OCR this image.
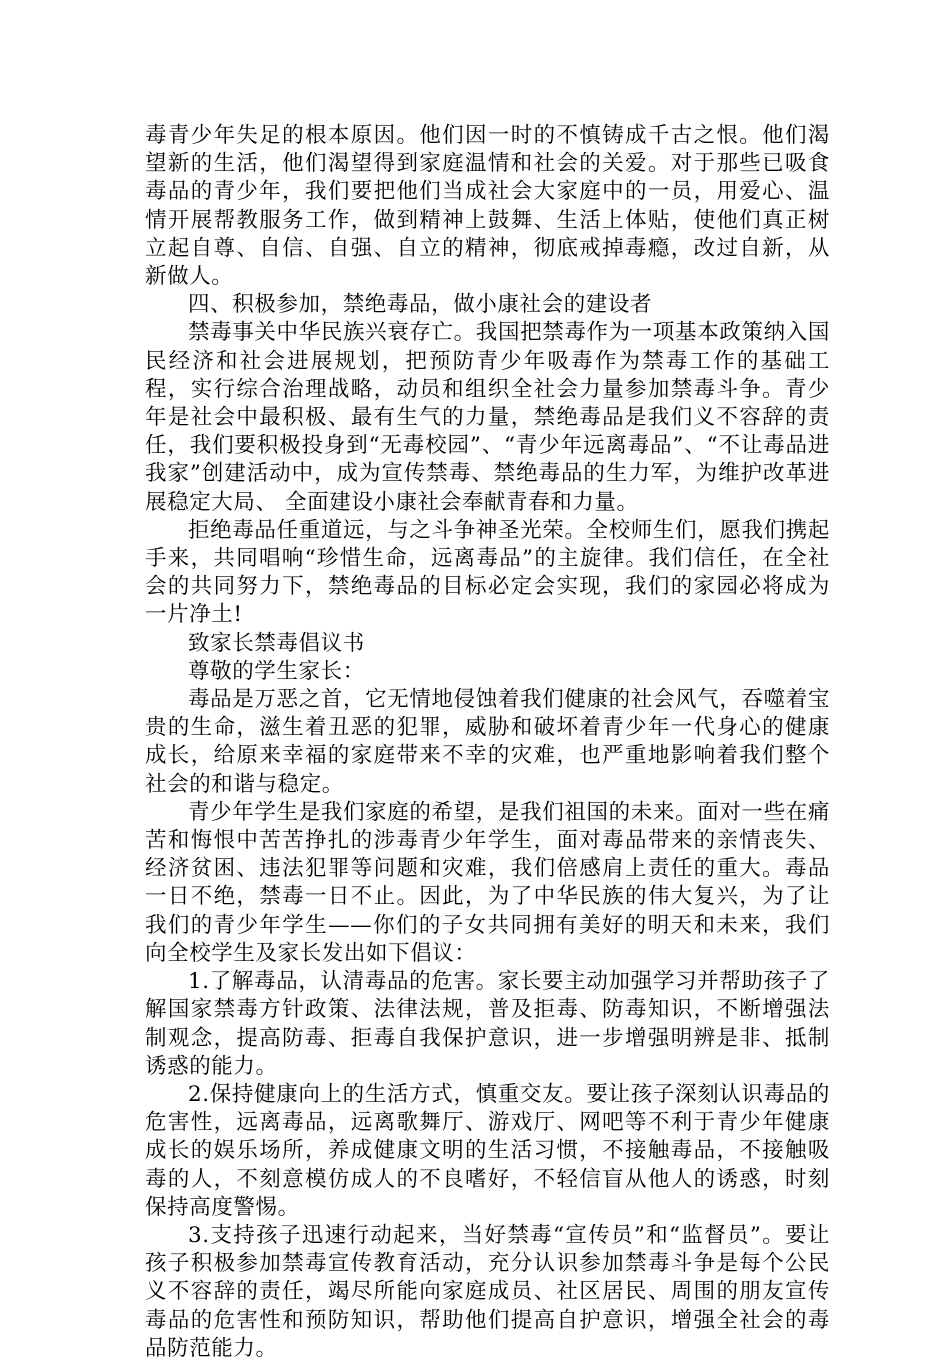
毒青少年失足的根本原因。他们因一时的不慎铸成千古之恨。他们渴望新的生活，他们渴望得到家庭温情和社会的关爱。对于那些已吸食毒品的青少年，我们要把他们当成社会大家庭中的一员，用爱心、温情开展帮教服务工作，做到精神上鼓舞、生活上体贴，使他们真正树立起自尊、自信、自强、自立的精神，彻底戒掉毒瘾，改过自新，从新做人。

四、积极参加，禁绝毒品，做小康社会的建设者

禁毒事关中华民族兴衰存亡。我国把禁毒作为一项基本政策纳入国民经济和社会进展规划，把预防青少年吸毒作为禁毒工作的基础工程，实行综合治理战略，动员和组织全社会力量参加禁毒斗争。青少年是社会中最积极、最有生气的力量，禁绝毒品是我们义不容辞的责任，我们要积极投身到“无毒校园”、“青少年远离毒品”、“不让毒品进我家”创建活动中，成为宣传禁毒、禁绝毒品的生力军，为维护改革进展稳定大局、 全面建设小康社会奉献青春和力量。

拒绝毒品任重道远，与之斗争神圣光荣。全校师生们，愿我们携起手来，共同唱响“珍惜生命，远离毒品”的主旋律。我们信任，在全社会的共同努力下，禁绝毒品的目标必定会实现，我们的家园必将成为一片净土!

致家长禁毒倡议书

尊敬的学生家长：

毒品是万恶之首，它无情地侵蚀着我们健康的社会风气，吞噬着宝贵的生命，滋生着丑恶的犯罪，威胁和破坏着青少年一代身心的健康成长，给原来幸福的家庭带来不幸的灾难，也严重地影响着我们整个社会的和谐与稳定。

青少年学生是我们家庭的希望，是我们祖国的未来。面对一些在痛苦和悔恨中苦苦挣扎的涉毒青少年学生，面对毒品带来的亲情丧失、经济贫困、违法犯罪等问题和灾难，我们倍感肩上责任的重大。毒品一日不绝，禁毒一日不止。因此，为了中华民族的伟大复兴，为了让我们的青少年学生——你们的子女共同拥有美好的明天和未来，我们向全校学生及家长发出如下倡议：

1.了解毒品，认清毒品的危害。家长要主动加强学习并帮助孩子了解国家禁毒方针政策、法律法规，普及拒毒、防毒知识，不断增强法制观念，提高防毒、拒毒自我保护意识，进一步增强明辨是非、抵制诱惑的能力。

2.保持健康向上的生活方式，慎重交友。要让孩子深刻认识毒品的危害性，远离毒品，远离歌舞厅、游戏厅、网吧等不利于青少年健康成长的娱乐场所，养成健康文明的生活习惯，不接触毒品，不接触吸毒的人，不刻意模仿成人的不良嗜好，不轻信盲从他人的诱惑，时刻保持高度警惕。

3.支持孩子迅速行动起来，当好禁毒“宣传员”和“监督员”。要让孩子积极参加禁毒宣传教育活动，充分认识参加禁毒斗争是每个公民义不容辞的责任，竭尽所能向家庭成员、社区居民、周围的朋友宣传毒品的危害性和预防知识，帮助他们提高自护意识，增强全社会的毒品防范能力。
